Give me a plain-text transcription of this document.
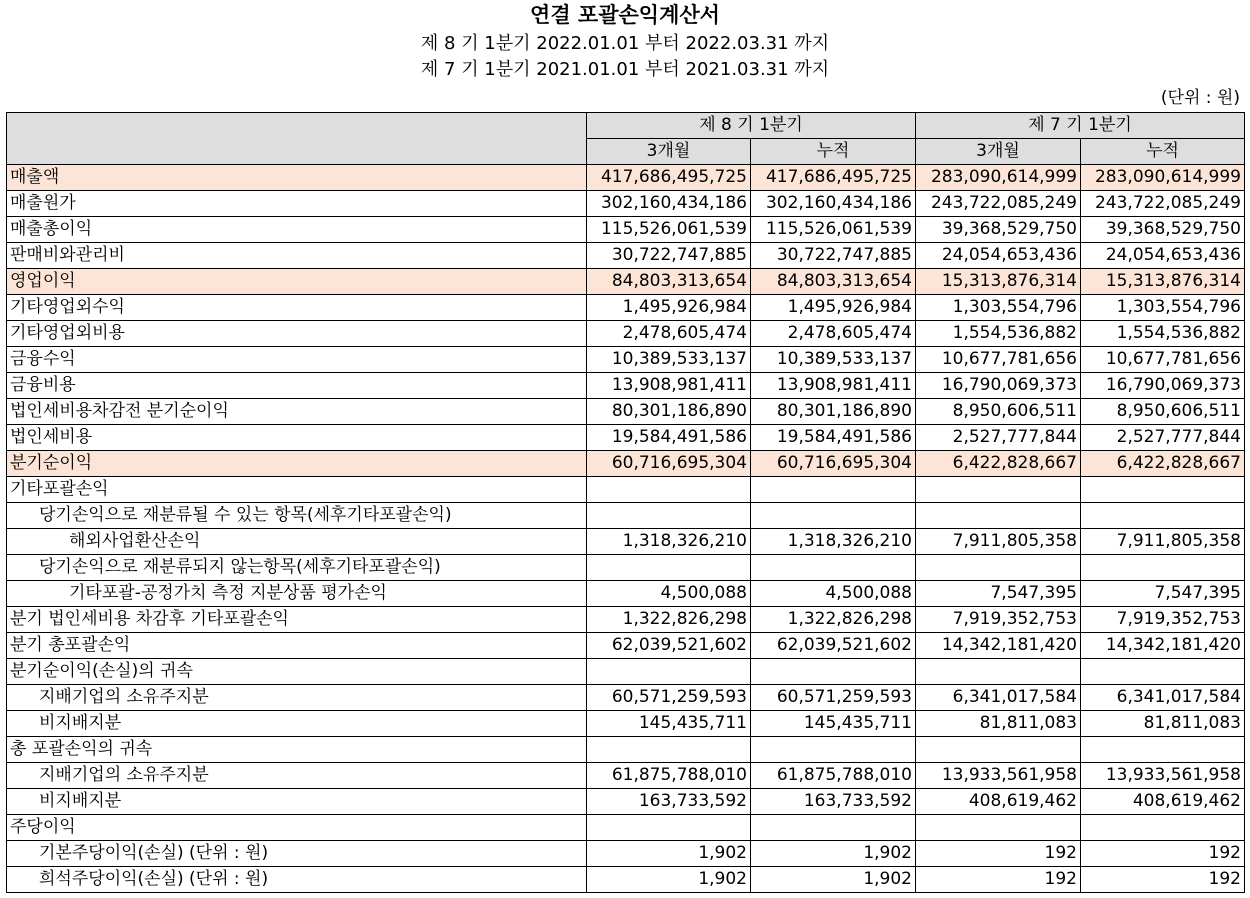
연결 포괄손익계산서
제 8 기 1분기 2022.01.01 부터 2022.03.31 까지
제 7 기 1분기 2021.01.01 부터 2021.03.31 까지
(단위 : 원)
	제 8 기 1분기		제 7 기 1분기	
	3개월	누적	3개월	누적
매출액	417,686,495,725	417,686,495,725	283,090,614,999	283,090,614,999
매출원가	302,160,434,186	302,160,434,186	243,722,085,249	243,722,085,249
매출총이익	115,526,061,539	115,526,061,539	39,368,529,750	39,368,529,750
판매비와관리비	30,722,747,885	30,722,747,885	24,054,653,436	24,054,653,436
영업이익	84,803,313,654	84,803,313,654	15,313,876,314	15,313,876,314
기타영업외수익	1,495,926,984	1,495,926,984	1,303,554,796	1,303,554,796
기타영업외비용	2,478,605,474	2,478,605,474	1,554,536,882	1,554,536,882
금융수익	10,389,533,137	10,389,533,137	10,677,781,656	10,677,781,656
금융비용	13,908,981,411	13,908,981,411	16,790,069,373	16,790,069,373
법인세비용차감전 분기순이익	80,301,186,890	80,301,186,890	8,950,606,511	8,950,606,511
법인세비용	19,584,491,586	19,584,491,586	2,527,777,844	2,527,777,844
분기순이익	60,716,695,304	60,716,695,304	6,422,828,667	6,422,828,667
기타포괄손익				
당기손익으로 재분류될 수 있는 항목(세후기타포괄손익)				
해외사업환산손익	1,318,326,210	1,318,326,210	7,911,805,358	7,911,805,358
당기손익으로 재분류되지 않는항목(세후기타포괄손익)				
기타포괄-공정가치 측정 지분상품 평가손익	4,500,088	4,500,088	7,547,395	7,547,395
분기 법인세비용 차감후 기타포괄손익	1,322,826,298	1,322,826,298	7,919,352,753	7,919,352,753
분기 총포괄손익	62,039,521,602	62,039,521,602	14,342,181,420	14,342,181,420
분기순이익(손실)의 귀속				
지배기업의 소유주지분	60,571,259,593	60,571,259,593	6,341,017,584	6,341,017,584
비지배지분	145,435,711	145,435,711	81,811,083	81,811,083
총 포괄손익의 귀속				
지배기업의 소유주지분	61,875,788,010	61,875,788,010	13,933,561,958	13,933,561,958
비지배지분	163,733,592	163,733,592	408,619,462	408,619,462
주당이익				
기본주당이익(손실) (단위 : 원)	1,902	1,902	192	192
희석주당이익(손실) (단위 : 원)	1,902	1,902	192	192
